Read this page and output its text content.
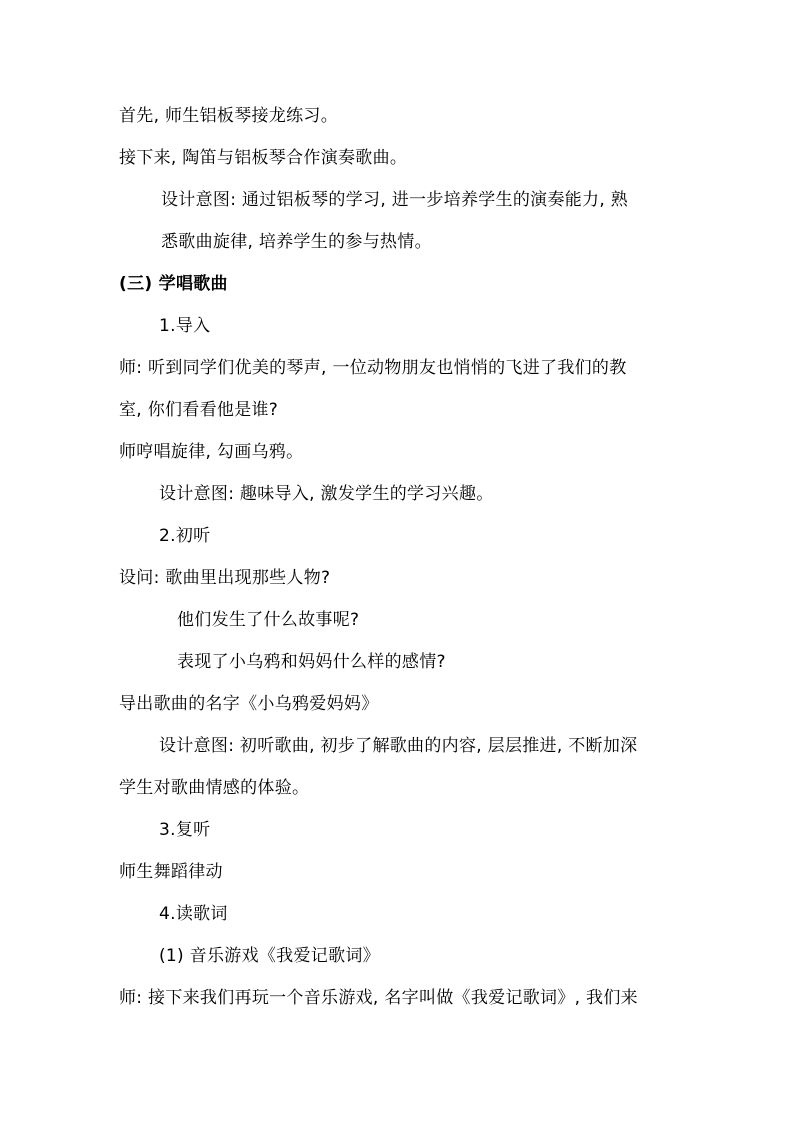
首先, 师生铝板琴接龙练习。
接下来, 陶笛与铝板琴合作演奏歌曲。
设计意图: 通过铝板琴的学习, 进一步培养学生的演奏能力, 熟
悉歌曲旋律, 培养学生的参与热情。
(三) 学唱歌曲
1.导入
师: 听到同学们优美的琴声, 一位动物朋友也悄悄的飞进了我们的教
室, 你们看看他是谁?
师哼唱旋律, 勾画乌鸦。
设计意图: 趣味导入, 激发学生的学习兴趣。
2.初听
设问: 歌曲里出现那些人物?
他们发生了什么故事呢?
表现了小乌鸦和妈妈什么样的感情?
导出歌曲的名字《小乌鸦爱妈妈》
设计意图: 初听歌曲, 初步了解歌曲的内容, 层层推进, 不断加深
学生对歌曲情感的体验。
3.复听
师生舞蹈律动
4.读歌词
(1) 音乐游戏《我爱记歌词》
师: 接下来我们再玩一个音乐游戏, 名字叫做《我爱记歌词》, 我们来
